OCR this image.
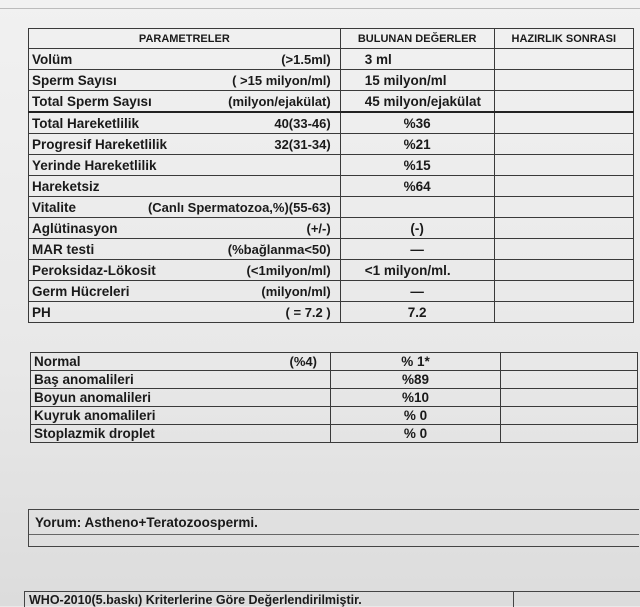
PARAMETRELER	BULUNAN DEĞERLER	HAZIRLIK SONRASI

Volüm (>1.5ml)	3 ml	

Sperm Sayısı ( >15 milyon/ml)	15 milyon/ml	

Total Sperm Sayısı (milyon/ejakülat)	45 milyon/ejakülat	

Total Hareketlilik 40(33-46)	%36	

Progresif Hareketlilik 32(31-34)	%21	

Yerinde Hareketlilik	%15	

Hareketsiz	%64	

Vitalite (Canlı Spermatozoa,%)(55-63)		

Aglütinasyon (+/-)	(-)	

MAR testi (%bağlanma<50)	—	

Peroksidaz-Lökosit (<1milyon/ml)	<1 milyon/ml.	

Germ Hücreleri (milyon/ml)	—	

PH ( = 7.2 )	7.2	
Normal (%4)	% 1*	

Baş anomalileri	%89	

Boyun anomalileri	%10	

Kuyruk anomalileri	% 0	

Stoplazmik droplet	% 0	
Yorum: Astheno+Teratozoospermi.
WHO-2010(5.baskı) Kriterlerine Göre Değerlendirilmiştir.
